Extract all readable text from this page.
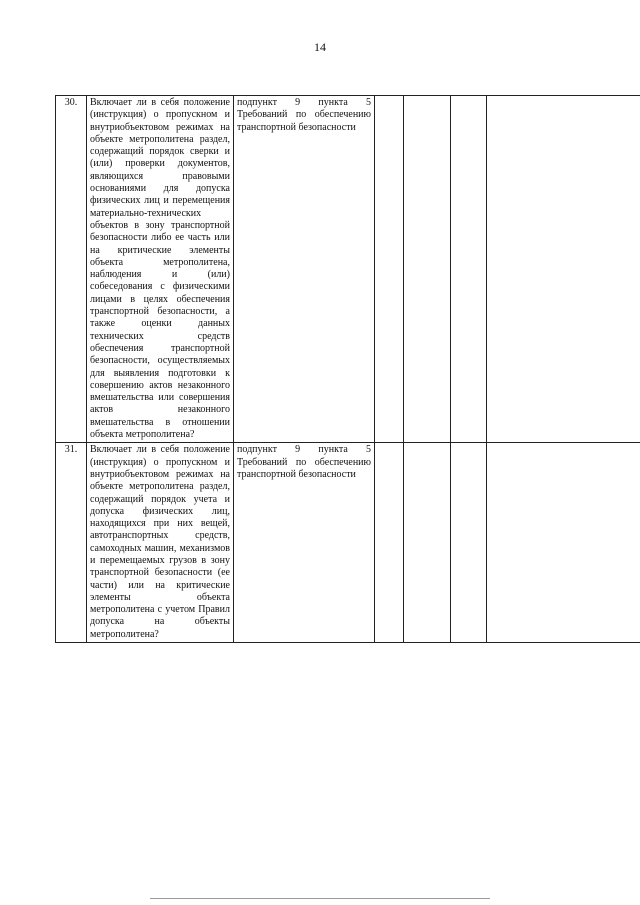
14
30.	Включает ли в себя положение (инструкция) о пропускном и внутриобъектовом режимах на объекте метрополитена раздел, содержащий порядок сверки и (или) проверки документов, являющихся правовыми основаниями для допуска физических лиц и перемещения материально-технических объектов в зону транспортной безопасности либо ее часть или на критические элементы объекта метрополитена, наблюдения и (или) собеседования с физическими лицами в целях обеспечения транспортной безопасности, а также оценки данных технических средств обеспечения транспортной безопасности, осуществляемых для выявления подготовки к совершению актов незаконного вмешательства или совершения актов незаконного вмешательства в отношении объекта метрополитена?	подпункт 9 пункта 5 Требований по обеспечению транспортной безопасности				
31.	Включает ли в себя положение (инструкция) о пропускном и внутриобъектовом режимах на объекте метрополитена раздел, содержащий порядок учета и допуска физических лиц, находящихся при них вещей, автотранспортных средств, самоходных машин, механизмов и перемещаемых грузов в зону транспортной безопасности (ее части) или на критические элементы объекта метрополитена с учетом Правил допуска на объекты метрополитена?	подпункт 9 пункта 5 Требований по обеспечению транспортной безопасности				
